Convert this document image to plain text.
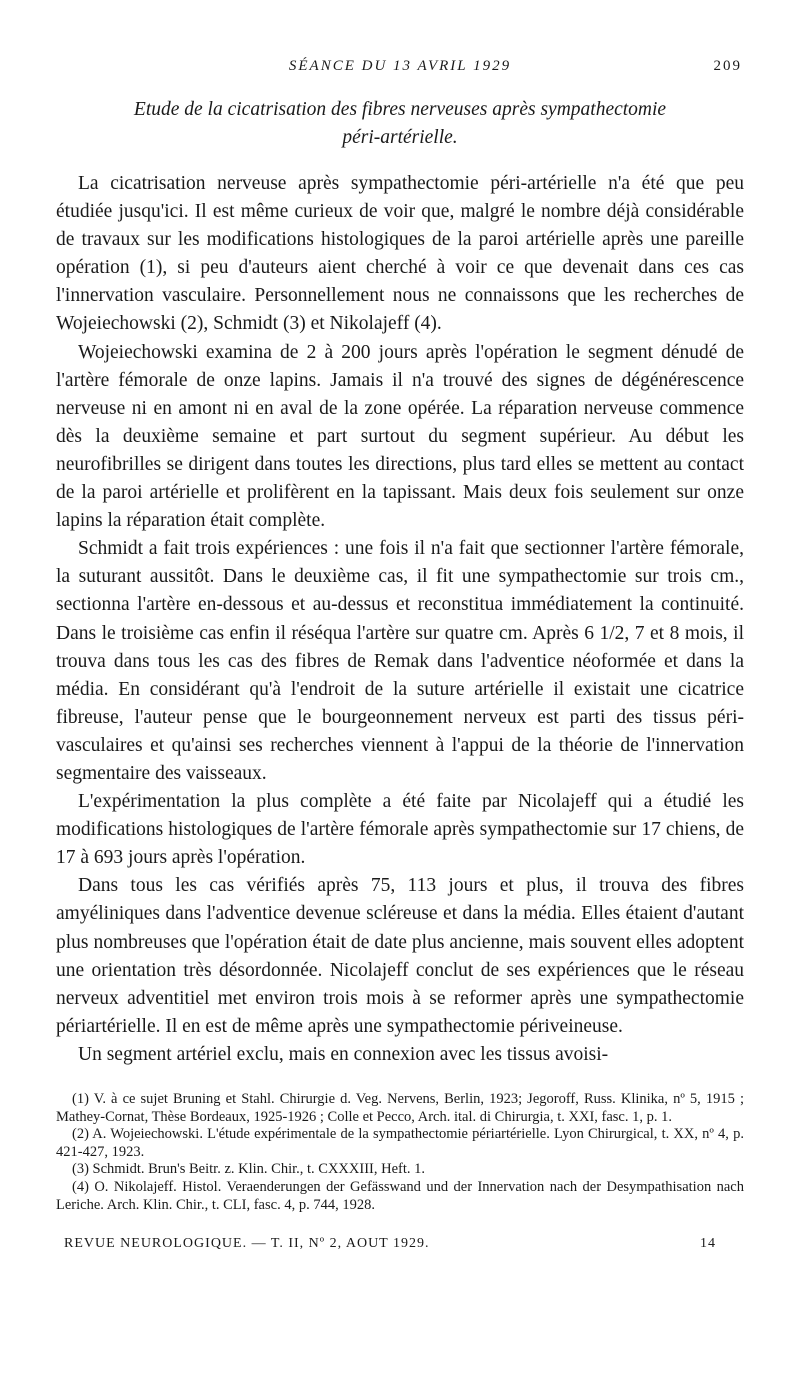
SÉANCE DU 13 AVRIL 1929	209
Etude de la cicatrisation des fibres nerveuses après sympathectomie
péri-artérielle.

La cicatrisation nerveuse après sympathectomie péri-artérielle n'a été que peu étudiée jusqu'ici. Il est même curieux de voir que, malgré le nombre déjà considérable de travaux sur les modifications histologiques de la paroi artérielle après une pareille opération (1), si peu d'auteurs aient cherché à voir ce que devenait dans ces cas l'innervation vasculaire. Personnellement nous ne connaissons que les recherches de Wojeiechowski (2), Schmidt (3) et Nikolajeff (4).

Wojeiechowski examina de 2 à 200 jours après l'opération le segment dénudé de l'artère fémorale de onze lapins. Jamais il n'a trouvé des signes de dégénérescence nerveuse ni en amont ni en aval de la zone opérée. La réparation nerveuse commence dès la deuxième semaine et part surtout du segment supérieur. Au début les neurofibrilles se dirigent dans toutes les directions, plus tard elles se mettent au contact de la paroi artérielle et prolifèrent en la tapissant. Mais deux fois seulement sur onze lapins la réparation était complète.

Schmidt a fait trois expériences : une fois il n'a fait que sectionner l'artère fémorale, la suturant aussitôt. Dans le deuxième cas, il fit une sympathectomie sur trois cm., sectionna l'artère en-dessous et au-dessus et reconstitua immédiatement la continuité. Dans le troisième cas enfin il réséqua l'artère sur quatre cm. Après 6 1/2, 7 et 8 mois, il trouva dans tous les cas des fibres de Remak dans l'adventice néoformée et dans la média. En considérant qu'à l'endroit de la suture artérielle il existait une cicatrice fibreuse, l'auteur pense que le bourgeonnement nerveux est parti des tissus péri-vasculaires et qu'ainsi ses recherches viennent à l'appui de la théorie de l'innervation segmentaire des vaisseaux.

L'expérimentation la plus complète a été faite par Nicolajeff qui a étudié les modifications histologiques de l'artère fémorale après sympathectomie sur 17 chiens, de 17 à 693 jours après l'opération.

Dans tous les cas vérifiés après 75, 113 jours et plus, il trouva des fibres amyéliniques dans l'adventice devenue scléreuse et dans la média. Elles étaient d'autant plus nombreuses que l'opération était de date plus ancienne, mais souvent elles adoptent une orientation très désordonnée. Nicolajeff conclut de ses expériences que le réseau nerveux adventitiel met environ trois mois à se reformer après une sympathectomie périartérielle. Il en est de même après une sympathectomie périveineuse.

Un segment artériel exclu, mais en connexion avec les tissus avoisi-

(1) V. à ce sujet Bruning et Stahl. Chirurgie d. Veg. Nervens, Berlin, 1923; Jegoroff, Russ. Klinika, nº 5, 1915 ; Mathey-Cornat, Thèse Bordeaux, 1925-1926 ; Colle et Pecco, Arch. ital. di Chirurgia, t. XXI, fasc. 1, p. 1.

(2) A. Wojeiechowski. L'étude expérimentale de la sympathectomie périartérielle. Lyon Chirurgical, t. XX, nº 4, p. 421-427, 1923.

(3) Schmidt. Brun's Beitr. z. Klin. Chir., t. CXXXIII, Heft. 1.

(4) O. Nikolajeff. Histol. Veraenderungen der Gefässwand und der Innervation nach der Desympathisation nach Leriche. Arch. Klin. Chir., t. CLI, fasc. 4, p. 744, 1928.

REVUE NEUROLOGIQUE. — T. II, Nº 2, AOUT 1929.	14
